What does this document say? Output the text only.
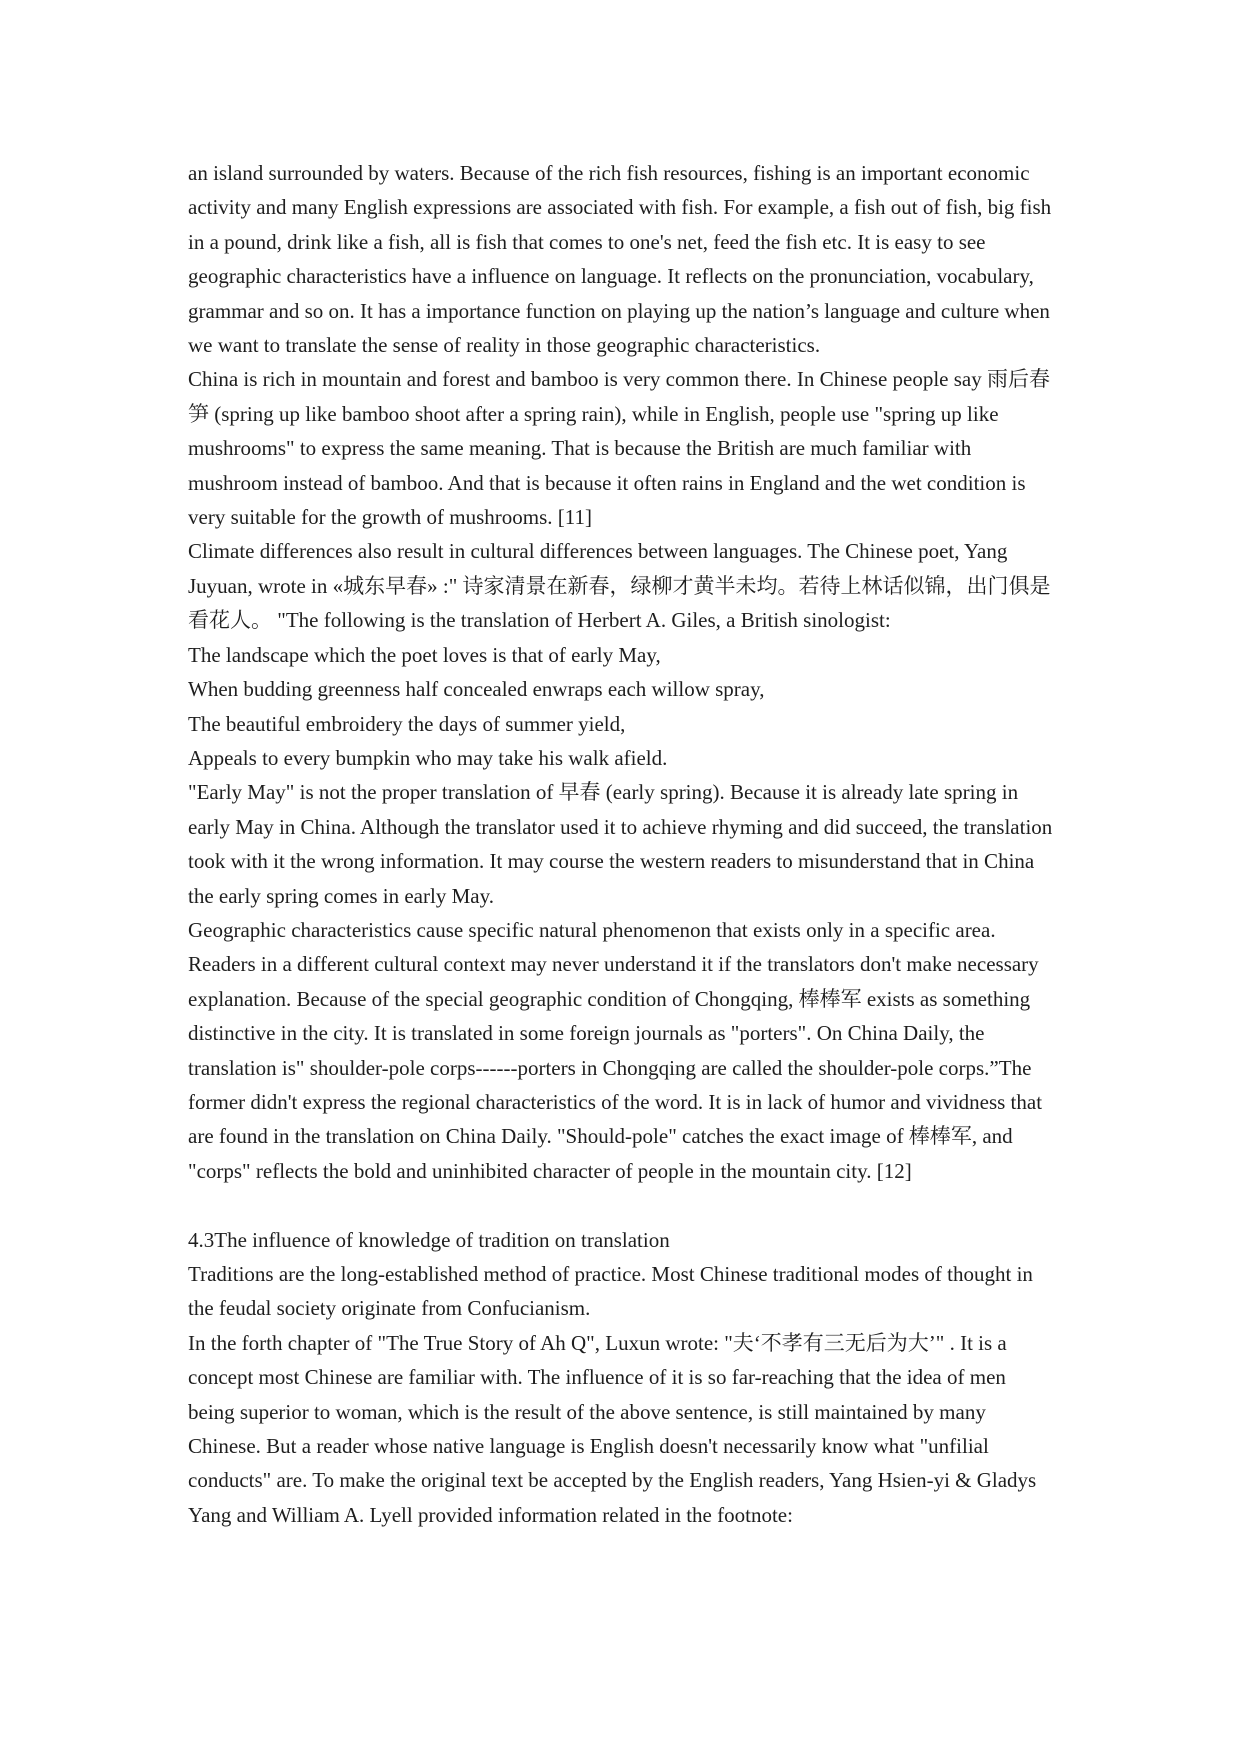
an island surrounded by waters. Because of the rich fish resources, fishing is an important economic activity and many English expressions are associated with fish. For example, a fish out of fish, big fish in a pound, drink like a fish, all is fish that comes to one's net, feed the fish etc. It is easy to see geographic characteristics have a influence on language. It reflects on the pronunciation, vocabulary, grammar and so on. It has a importance function on playing up the nation’s language and culture when we want to translate the sense of reality in those geographic characteristics.

China is rich in mountain and forest and bamboo is very common there. In Chinese people say 雨后春笋 (spring up like bamboo shoot after a spring rain), while in English, people use "spring up like mushrooms" to express the same meaning. That is because the British are much familiar with mushroom instead of bamboo. And that is because it often rains in England and the wet condition is very suitable for the growth of mushrooms. [11]

Climate differences also result in cultural differences between languages. The Chinese poet, Yang Juyuan, wrote in «城东早春» :" 诗家清景在新春，绿柳才黄半未均。若待上林话似锦，出门俱是看花人。 "The following is the translation of Herbert A. Giles, a British sinologist:

The landscape which the poet loves is that of early May,

When budding greenness half concealed enwraps each willow spray,

The beautiful embroidery the days of summer yield,

Appeals to every bumpkin who may take his walk afield.

"Early May" is not the proper translation of 早春 (early spring). Because it is already late spring in early May in China. Although the translator used it to achieve rhyming and did succeed, the translation took with it the wrong information. It may course the western readers to misunderstand that in China the early spring comes in early May.

Geographic characteristics cause specific natural phenomenon that exists only in a specific area. Readers in a different cultural context may never understand it if the translators don't make necessary explanation. Because of the special geographic condition of Chongqing, 棒棒军 exists as something distinctive in the city. It is translated in some foreign journals as "porters". On China Daily, the translation is" shoulder-pole corps------porters in Chongqing are called the shoulder-pole corps.”The former didn't express the regional characteristics of the word. It is in lack of humor and vividness that are found in the translation on China Daily. "Should-pole" catches the exact image of 棒棒军, and "corps" reflects the bold and uninhibited character of people in the mountain city. [12]

4.3The influence of knowledge of tradition on translation

Traditions are the long-established method of practice. Most Chinese traditional modes of thought in the feudal society originate from Confucianism.

In the forth chapter of "The True Story of Ah Q", Luxun wrote: "夫‘不孝有三无后为大’" . It is a concept most Chinese are familiar with. The influence of it is so far-reaching that the idea of men being superior to woman, which is the result of the above sentence, is still maintained by many Chinese. But a reader whose native language is English doesn't necessarily know what "unfilial conducts" are. To make the original text be accepted by the English readers, Yang Hsien-yi & Gladys Yang and William A. Lyell provided information related in the footnote:
